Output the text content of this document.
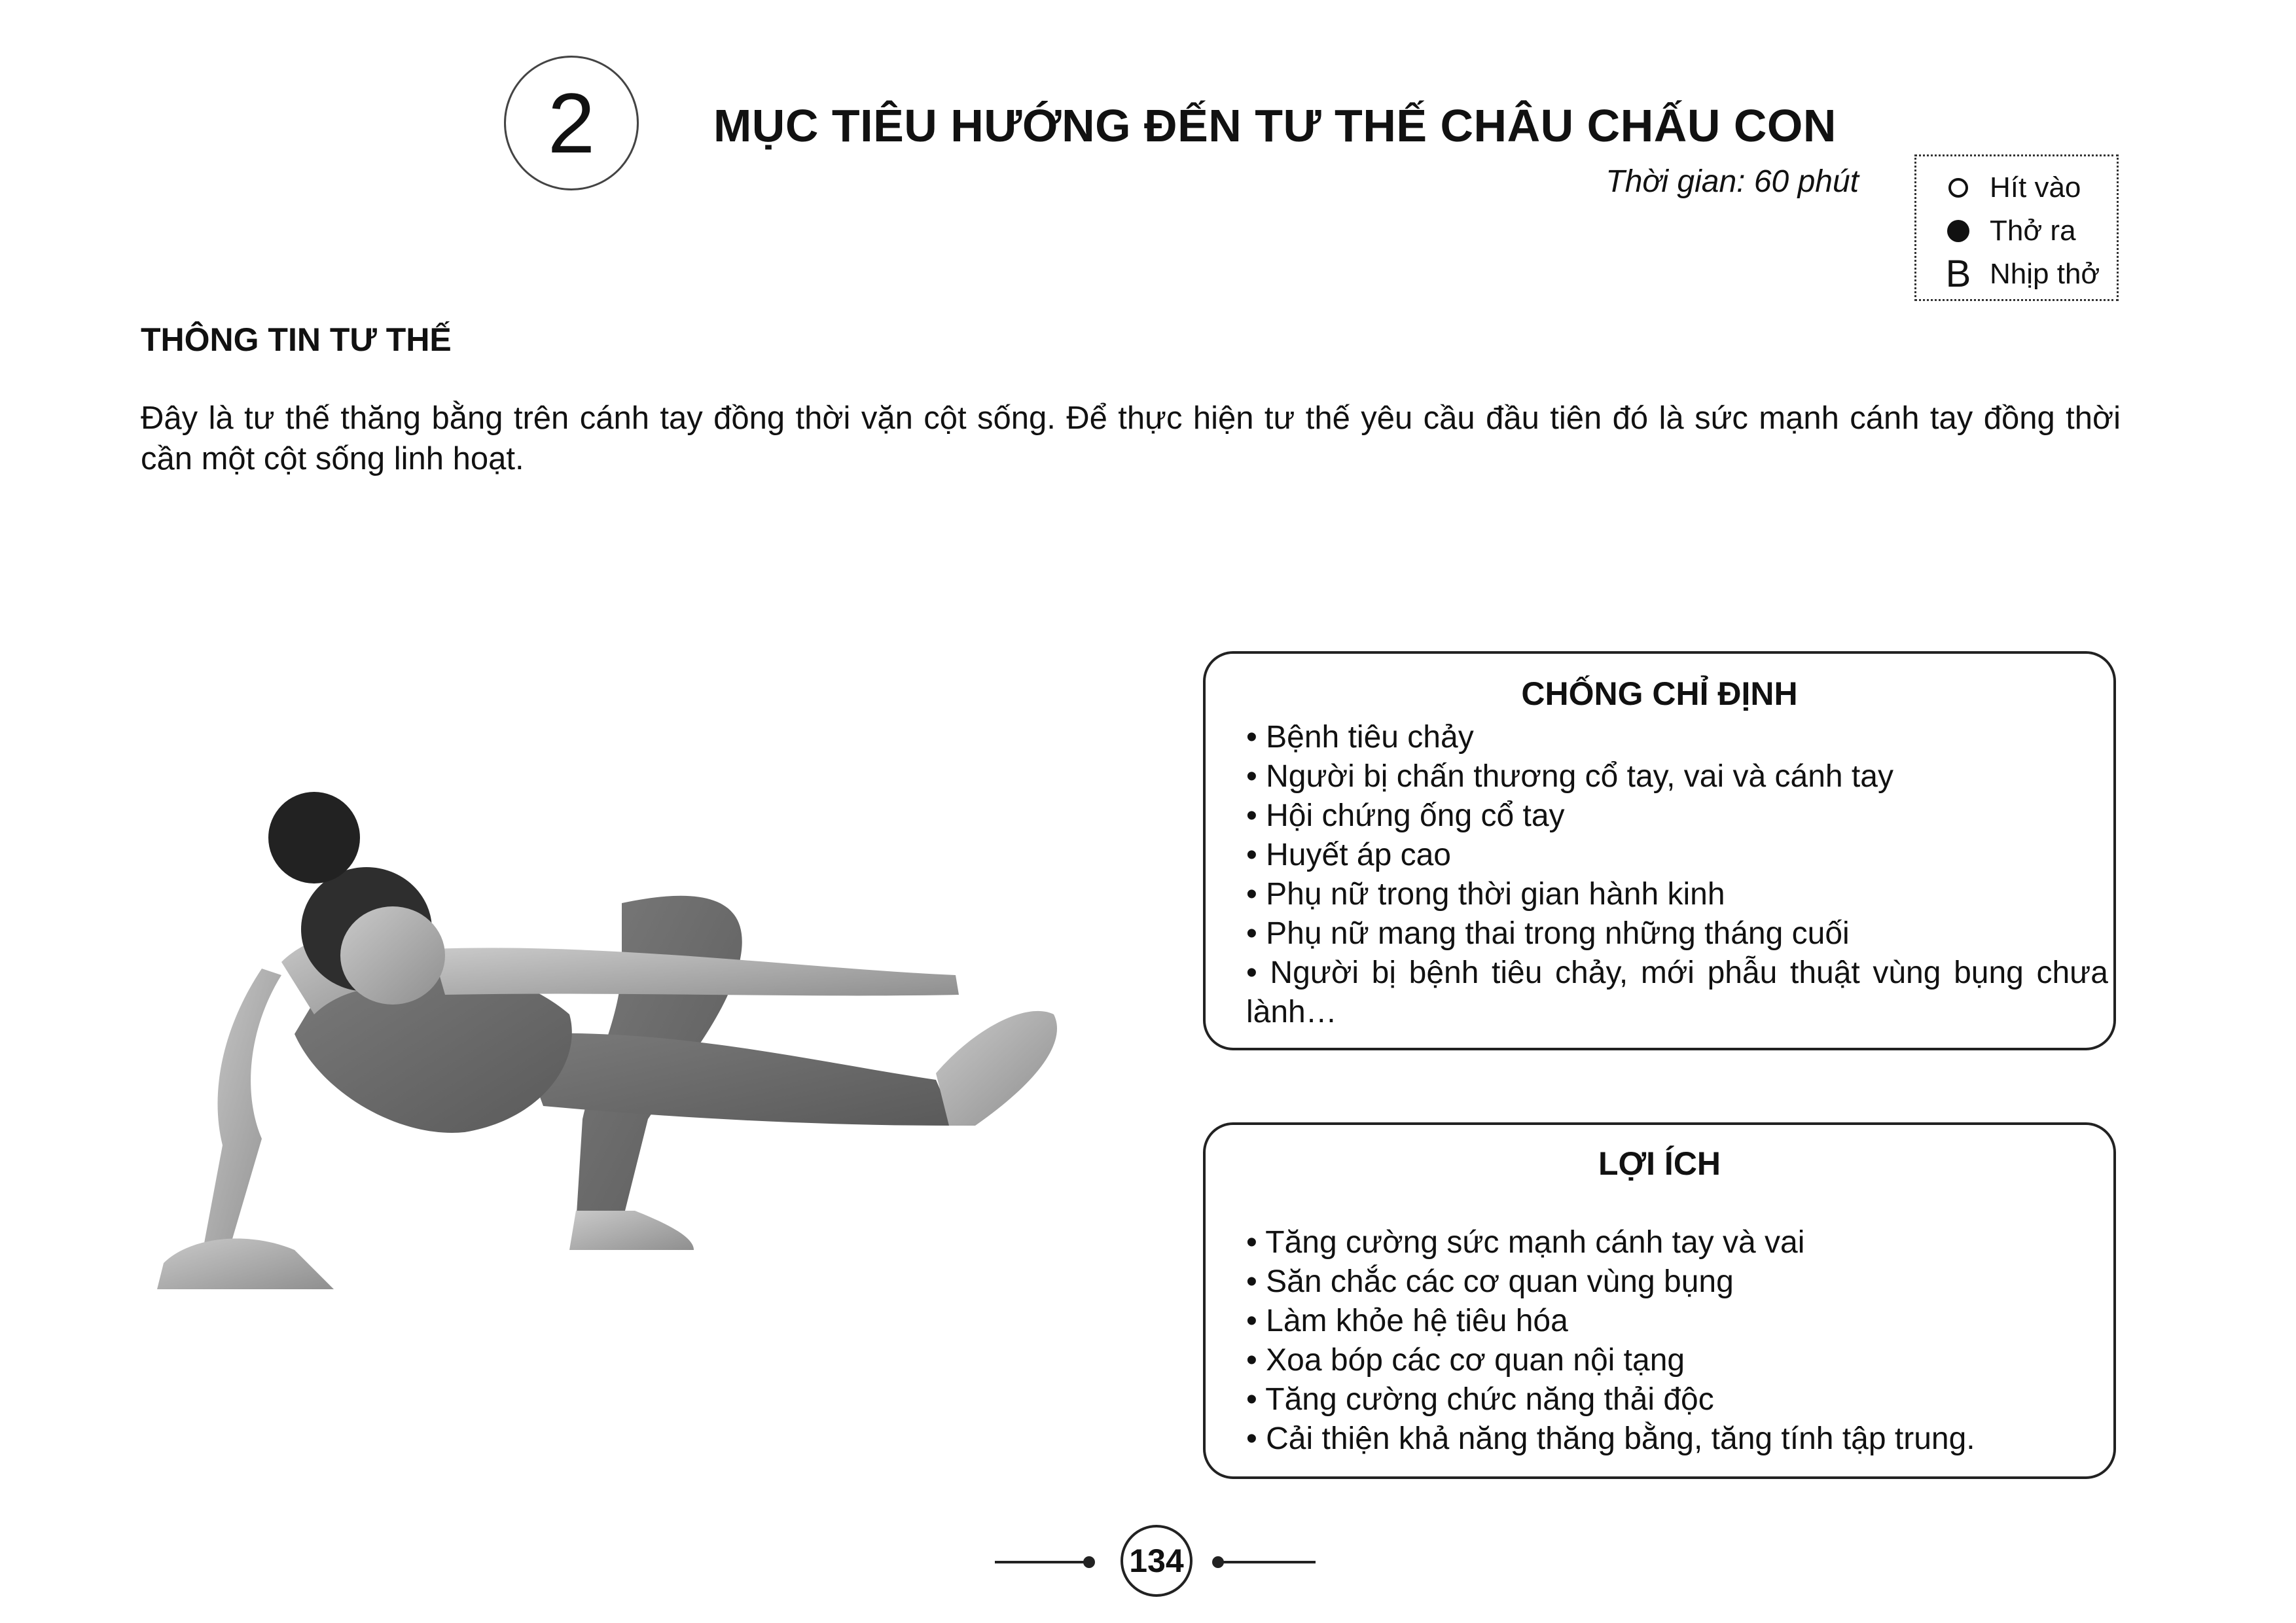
2	MỤC TIÊU HƯỚNG ĐẾN TƯ THẾ CHÂU CHẤU CON
Thời gian: 60 phút	Hít vào
Thở ra
B Nhịp thở
THÔNG TIN TƯ THẾ
Đây là tư thế thăng bằng trên cánh tay đồng thời vặn cột sống. Để thực hiện tư thế yêu cầu đầu tiên đó là sức mạnh cánh tay đồng thời cần một cột sống linh hoạt.
CHỐNG CHỈ ĐỊNH
• Bệnh tiêu chảy
• Người bị chấn thương cổ tay, vai và cánh tay
• Hội chứng ống cổ tay
• Huyết áp cao
• Phụ nữ trong thời gian hành kinh
• Phụ nữ mang thai trong những tháng cuối
• Người bị bệnh tiêu chảy, mới phẫu thuật vùng bụng chưa lành…
LỢI ÍCH
• Tăng cường sức mạnh cánh tay và vai
• Săn chắc các cơ quan vùng bụng
• Làm khỏe hệ tiêu hóa
• Xoa bóp các cơ quan nội tạng
• Tăng cường chức năng thải độc
• Cải thiện khả năng thăng bằng, tăng tính tập trung.
134
